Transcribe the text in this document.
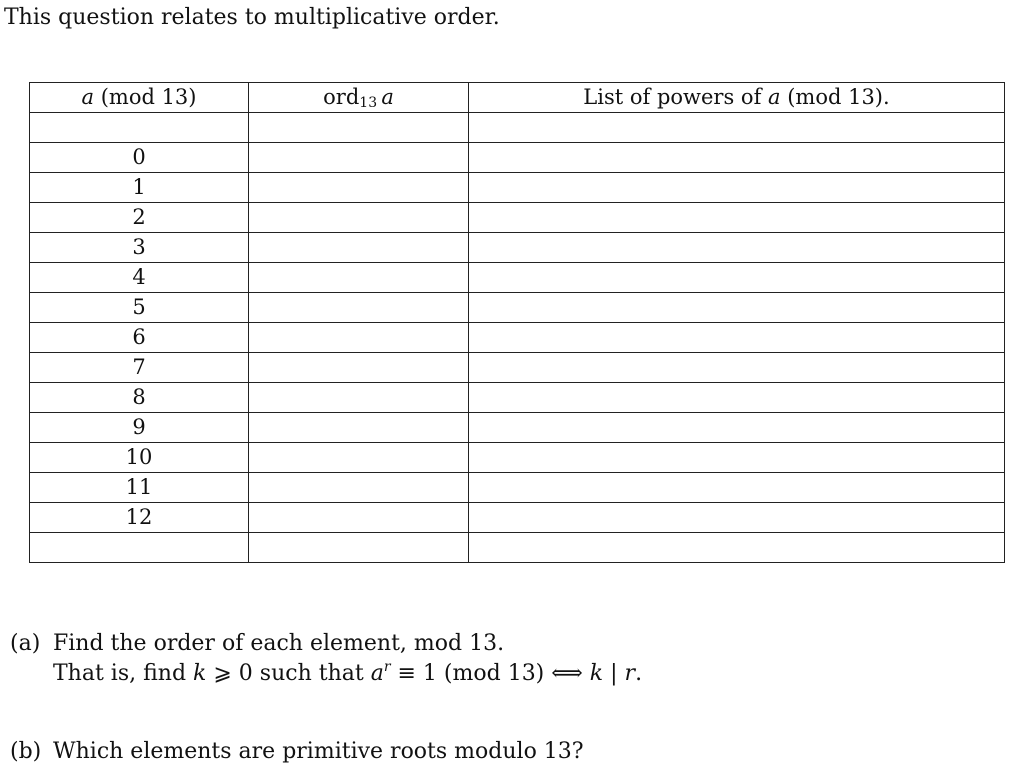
This question relates to multiplicative order.
a (mod 13)	ord$_{13}$  a	List of powers of a (mod 13).

0		
1		
2		
3		
4		
5		
6		
7		
8		
9		
10		
11		
12		

(a) Find the order of each element, mod 13.
That is, find k ⩾ 0 such that $a^r \equiv 1$ (mod 13) ⟺ k | r.
(b) Which elements are primitive roots modulo 13?
